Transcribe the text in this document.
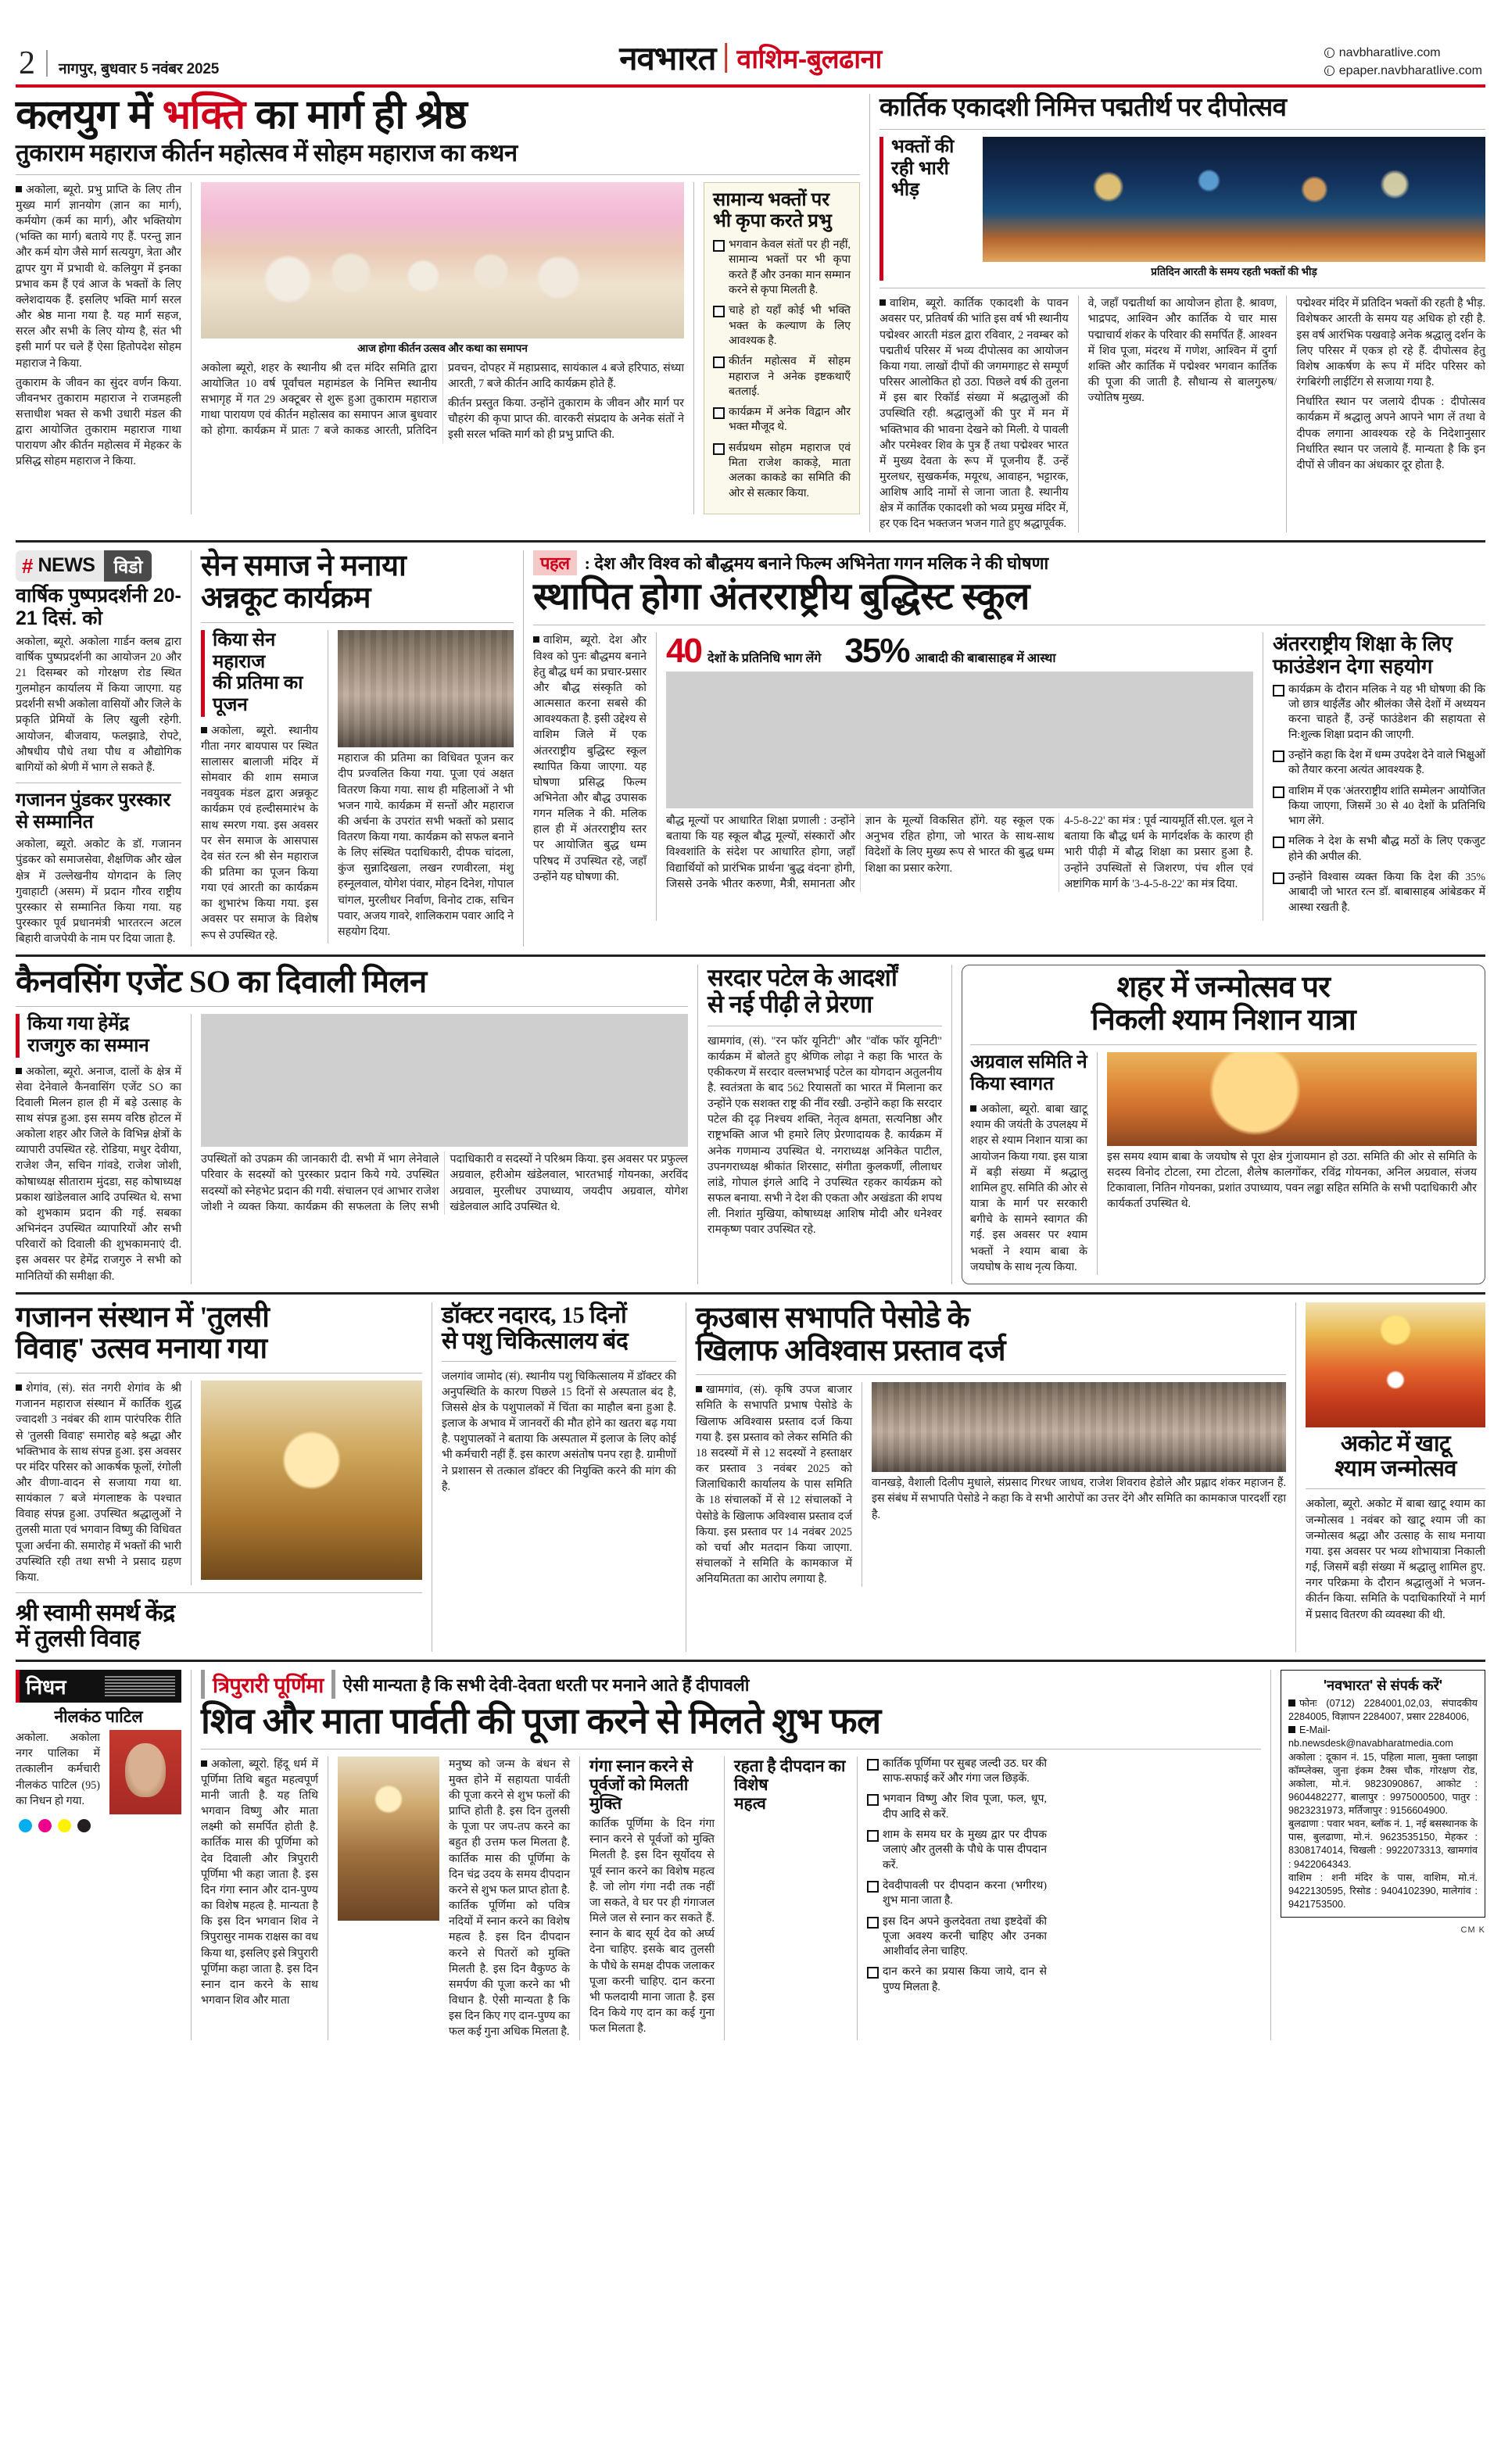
2 नागपुर, बुधवार 5 नवंबर 2025	नवभारत वाशिम-बुलढाना	navbharatlive.com
epaper.navbharatlive.com
कलयुग में भक्ति का मार्ग ही श्रेष्ठ
तुकाराम महाराज कीर्तन महोत्सव में सोहम महाराज का कथन

अकोला, ब्यूरो. प्रभु प्राप्ति के लिए तीन मुख्य मार्ग ज्ञानयोग (ज्ञान का मार्ग), कर्मयोग (कर्म का मार्ग), और भक्तियोग (भक्ति का मार्ग) बताये गए हैं. परन्तु ज्ञान और कर्म योग जैसे मार्ग सत्ययुग, त्रेता और द्वापर युग में प्रभावी थे. कलियुग में इनका प्रभाव कम हैं एवं आज के भक्तों के लिए क्लेशदायक हैं. इसलिए भक्ति मार्ग सरल और श्रेष्ठ माना गया है. यह मार्ग सहज, सरल और सभी के लिए योग्य है, संत भी इसी मार्ग पर चले हैं ऐसा हितोपदेश सोहम महाराज ने किया.

तुकाराम के जीवन का सुंदर वर्णन किया. जीवनभर तुकाराम महाराज ने राजमहली सत्ताधीश भक्त से कभी उधारी मंडल की द्वारा आयोजित तुकाराम महाराज गाथा पारायण और कीर्तन महोत्सव में मेहकर के प्रसिद्ध सोहम महाराज ने किया.

आज होगा कीर्तन उत्सव और कथा का समापन

अकोला ब्यूरो, शहर के स्थानीय श्री दत्त मंदिर समिति द्वारा आयोजित 10 वर्ष पूर्वांचल महामंडल के निमित्त स्थानीय सभागृह में गत 29 अक्टूबर से शुरू हुआ तुकाराम महाराज गाथा पारायण एवं कीर्तन महोत्सव का समापन आज बुधवार को होगा. कार्यक्रम में प्रातः 7 बजे काकड आरती, प्रतिदिन प्रवचन, दोपहर में महाप्रसाद, सायंकाल 4 बजे हरिपाठ, संध्या आरती, 7 बजे कीर्तन आदि कार्यक्रम होते हैं.

कीर्तन प्रस्तुत किया. उन्होंने तुकाराम के जीवन और मार्ग पर चौहरंग की कृपा प्राप्त की. वारकरी संप्रदाय के अनेक संतों ने इसी सरल भक्ति मार्ग को ही प्रभु प्राप्ति की.

सामान्य भक्तों पर भी कृपा करते प्रभु
भगवान केवल संतों पर ही नहीं, सामान्य भक्तों पर भी कृपा करते हैं और उनका मान सम्मान करने से कृपा मिलती है.
चाहे हो यहाँ कोई भी भक्ति भक्त के कल्याण के लिए आवश्यक है.
कीर्तन महोत्सव में सोहम महाराज ने अनेक इष्टकथाएँ बतलाई.
कार्यक्रम में अनेक विद्वान और भक्त मौजूद थे.
सर्वप्रथम सोहम महाराज एवं मिता राजेश काकड़े, माता अलका काकडे का समिति की ओर से सत्कार किया.
कार्तिक एकादशी निमित्त पद्मतीर्थ पर दीपोत्सव
भक्तों की रही भारी भीड़
प्रतिदिन आरती के समय रहती भक्तों की भीड़

वाशिम, ब्यूरो. कार्तिक एकादशी के पावन अवसर पर, प्रतिवर्ष की भांति इस वर्ष भी स्थानीय पद्मेश्वर आरती मंडल द्वारा रविवार, 2 नवम्बर को पद्मतीर्थ परिसर में भव्य दीपोत्सव का आयोजन किया गया. लाखों दीपों की जगमगाहट से सम्पूर्ण परिसर आलोकित हो उठा. पिछले वर्ष की तुलना में इस बार रिकॉर्ड संख्या में श्रद्धालुओं की उपस्थिति रही. श्रद्धालुओं की पुर में मन में भक्तिभाव की भावना देखने को मिली. ये पावली और परमेश्वर शिव के पुत्र हैं तथा पद्मेश्वर भारत में मुख्य देवता के रूप में पूजनीय हैं. उन्हें मुरलधर, सुखकर्मक, मयूरध, आवाहन, भट्टारक, आशिष आदि नामों से जाना जाता है. स्थानीय क्षेत्र में कार्तिक एकादशी को भव्य प्रमुख मंदिर में, हर एक दिन भक्तजन भजन गाते हुए श्रद्धापूर्वक.

वे, जहाँ पद्मतीर्था का आयोजन होता है. श्रावण, भाद्रपद, आश्विन और कार्तिक ये चार मास पद्माचार्य शंकर के परिवार की समर्पित हैं. आश्वन में शिव पूजा, मंदरथ में गणेश, आश्विन में दुर्गा शक्ति और कार्तिक में पद्मेश्वर भगवान कार्तिक की पूजा की जाती है. सौधान्य से बालगुरुष/ज्योतिष मुख्य.

पद्मेश्वर मंदिर में प्रतिदिन भक्तों की रहती है भीड़. विशेषकर आरती के समय यह अधिक हो रही है. इस वर्ष आरंभिक पखवाड़े अनेक श्रद्धालु दर्शन के लिए परिसर में एकत्र हो रहे हैं. दीपोत्सव हेतु विशेष आकर्षण के रूप में मंदिर परिसर को रंगबिरंगी लाईटिंग से सजाया गया है.

निर्धारित स्थान पर जलाये दीपक : दीपोत्सव कार्यक्रम में श्रद्धालु अपने आपने भाग लें तथा वे दीपक लगाना आवश्यक रहे के निदेशानुसार निर्धारित स्थान पर जलाये हैं. मान्यता है कि इन दीपों से जीवन का अंधकार दूर होता है.

# NEWS	विडो
वार्षिक पुष्पप्रदर्शनी 20-21 दिसं. को

अकोला, ब्यूरो. अकोला गार्डन क्लब द्वारा वार्षिक पुष्पप्रदर्शनी का आयोजन 20 और 21 दिसम्बर को गोरक्षण रोड स्थित गुलमोहन कार्यालय में किया जाएगा. यह प्रदर्शनी सभी अकोला वासियों और जिले के प्रकृति प्रेमियों के लिए खुली रहेगी. आयोजन, बीजवाय, फलझाडे, रोपटे, औषधीय पौधे तथा पौध व औद्योगिक बागियों को श्रेणी में भाग ले सकते हैं.

गजानन पुंडकर पुरस्कार से सम्मानित

अकोला, ब्यूरो. अकोट के डॉ. गजानन पुंडकर को समाजसेवा, शैक्षणिक और खेल क्षेत्र में उल्लेखनीय योगदान के लिए गुवाहाटी (असम) में प्रदान गौरव राष्ट्रीय पुरस्कार से सम्मानित किया गया. यह पुरस्कार पूर्व प्रधानमंत्री भारतरत्न अटल बिहारी वाजपेयी के नाम पर दिया जाता है.

सेन समाज ने मनाया
अन्नकूट कार्यक्रम
किया सेन महाराज
की प्रतिमा का पूजन

अकोला, ब्यूरो. स्थानीय गीता नगर बायपास पर स्थित सालासर बालाजी मंदिर में सोमवार की शाम समाज नवयुवक मंडल द्वारा अन्नकूट कार्यक्रम एवं हल्दीसमारंभ के साथ स्मरण गया. इस अवसर पर सेन समाज के आसपास देव संत रत्न श्री सेन महाराज की प्रतिमा का पूजन किया गया एवं आरती का कार्यक्रम का शुभारंभ किया गया. इस अवसर पर समाज के विशेष रूप से उपस्थित रहे.

महाराज की प्रतिमा का विधिवत पूजन कर दीप प्रज्वलित किया गया. पूजा एवं अक्षत वितरण किया गया. साथ ही महिलाओं ने भी भजन गाये. कार्यक्रम में सन्तों और महाराज की अर्चना के उपरांत सभी भक्तों को प्रसाद वितरण किया गया. कार्यक्रम को सफल बनाने के लिए संस्थित पदाधिकारी, दीपक चांदला, कुंज सुन्नादिखला, लखन रणवीरला, मंशु हस्नूलवाल, योगेश पंवार, मोहन दिनेश, गोपाल चांगल, मुरलीधर निर्वाण, विनोद टाक, सचिन पवार, अजय गावरे, शालिकराम पवार आदि ने सहयोग दिया.

पहल : देश और विश्व को बौद्धमय बनाने फिल्म अभिनेता गगन मलिक ने की घोषणा
स्थापित होगा अंतरराष्ट्रीय बुद्धिस्ट स्कूल

वाशिम, ब्यूरो. देश और विश्व को पुनः बौद्धमय बनाने हेतु बौद्ध धर्म का प्रचार-प्रसार और बौद्ध संस्कृति को आत्मसात करना सबसे की आवश्यकता है. इसी उद्देश्य से वाशिम जिले में एक अंतरराष्ट्रीय बुद्धिस्ट स्कूल स्थापित किया जाएगा. यह घोषणा प्रसिद्ध फिल्म अभिनेता और बौद्ध उपासक गगन मलिक ने की. मलिक हाल ही में अंतरराष्ट्रीय स्तर पर आयोजित बुद्ध धम्म परिषद में उपस्थित रहे, जहाँ उन्होंने यह घोषणा की.

40 देशों के प्रतिनिधि भाग लेंगे 35% आबादी की बाबासाहब में आस्था

बौद्ध मूल्यों पर आधारित शिक्षा प्रणाली : उन्होंने बताया कि यह स्कूल बौद्ध मूल्यों, संस्कारों और विश्वशांति के संदेश पर आधारित होगा, जहाँ विद्यार्थियों को प्रारंभिक प्रार्थना 'बुद्ध वंदना' होगी, जिससे उनके भीतर करुणा, मैत्री, समानता और ज्ञान के मूल्यों विकसित होंगे. यह स्कूल एक अनुभव रहित होगा, जो भारत के साथ-साथ विदेशों के लिए मुख्य रूप से भारत की बुद्ध धम्म शिक्षा का प्रसार करेगा.

4-5-8-22' का मंत्र : पूर्व न्यायमूर्ति सी.एल. थूल ने बताया कि बौद्ध धर्म के मार्गदर्शक के कारण ही भारी पीढ़ी में बौद्ध शिक्षा का प्रसार हुआ है. उन्होंने उपस्थितों से जिशरण, पंच शील एवं अष्टांगिक मार्ग के '3-4-5-8-22' का मंत्र दिया.

अंतरराष्ट्रीय शिक्षा के लिए
फाउंडेशन देगा सहयोग
कार्यक्रम के दौरान मलिक ने यह भी घोषणा की कि जो छात्र थाईलैंड और श्रीलंका जैसे देशों में अध्ययन करना चाहते हैं, उन्हें फाउंडेशन की सहायता से नि:शुल्क शिक्षा प्रदान की जाएगी.
उन्होंने कहा कि देश में धम्म उपदेश देने वाले भिक्षुओं को तैयार करना अत्यंत आवश्यक है.
वाशिम में एक 'अंतरराष्ट्रीय शांति सम्मेलन' आयोजित किया जाएगा, जिसमें 30 से 40 देशों के प्रतिनिधि भाग लेंगे.
मलिक ने देश के सभी बौद्ध मठों के लिए एकजुट होने की अपील की.
उन्होंने विश्वास व्यक्त किया कि देश की 35% आबादी जो भारत रत्न डॉ. बाबासाहब आंबेडकर में आस्था रखती है.
कैनवसिंग एजेंट SO का दिवाली मिलन
किया गया हेमेंद्र
राजगुरु का सम्मान

अकोला, ब्यूरो. अनाज, दालों के क्षेत्र में सेवा देनेवाले कैनवासिंग एजेंट SO का दिवाली मिलन हाल ही में बड़े उत्साह के साथ संपन्न हुआ. इस समय वरिष्ठ होटल में अकोला शहर और जिले के विभिन्न क्षेत्रों के व्यापारी उपस्थित रहे. रोडिया, मधुर देवीया, राजेश जैन, सचिन गांवडे, राजेश जोशी, कोषाध्यक्ष सीताराम मुंदडा, सह कोषाध्यक्ष प्रकाश खांडेलवाल आदि उपस्थित थे. सभा को शुभकाम प्रदान की गई. सबका अभिनंदन उपस्थित व्यापारियों और सभी परिवारों को दिवाली की शुभकामनाएं दी. इस अवसर पर हेमेंद्र राजगुरु ने सभी को मानितियों की समीक्षा की.

उपस्थितों को उपक्रम की जानकारी दी. सभी में भाग लेनेवाले परिवार के सदस्यों को पुरस्कार प्रदान किये गये. उपस्थित सदस्यों को स्नेहभेट प्रदान की गयी. संचालन एवं आभार राजेश जोशी ने व्यक्त किया. कार्यक्रम की सफलता के लिए सभी पदाधिकारी व सदस्यों ने परिश्रम किया. इस अवसर पर प्रफुल्ल अग्रवाल, हरीओम खंडेलवाल, भारतभाई गोयनका, अरविंद अग्रवाल, मुरलीधर उपाध्याय, जयदीप अग्रवाल, योगेश खंडेलवाल आदि उपस्थित थे.

सरदार पटेल के आदर्शों
से नई पीढ़ी ले प्रेरणा

खामगांव, (सं). "रन फॉर यूनिटी" और "वॉक फॉर यूनिटी" कार्यक्रम में बोलते हुए श्रेणिक लोढ़ा ने कहा कि भारत के एकीकरण में सरदार वल्लभभाई पटेल का योगदान अतुलनीय है. स्वतंत्रता के बाद 562 रियासतों का भारत में मिलाना कर उन्होंने एक सशक्त राष्ट्र की नींव रखी. उन्होंने कहा कि सरदार पटेल की दृढ़ निश्चय शक्ति, नेतृत्व क्षमता, सत्यनिष्ठा और राष्ट्रभक्ति आज भी हमारे लिए प्रेरणादायक है. कार्यक्रम में अनेक गणमान्य उपस्थित थे. नगराध्यक्ष अनिकेत पाटील, उपनगराध्यक्ष श्रीकांत शिरसाट, संगीता कुलकर्णी, लीलाधर लांडे, गोपाल इंगले आदि ने उपस्थित रहकर कार्यक्रम को सफल बनाया. सभी ने देश की एकता और अखंडता की शपथ ली. निशांत मुखिया, कोषाध्यक्ष आशिष मोदी और धनेश्वर रामकृष्ण पवार उपस्थित रहे.

शहर में जन्मोत्सव पर
निकली श्याम निशान यात्रा
अग्रवाल समिति ने
किया स्वागत

अकोला, ब्यूरो. बाबा खाटू श्याम की जयंती के उपलक्ष्य में शहर से श्याम निशान यात्रा का आयोजन किया गया. इस यात्रा में बड़ी संख्या में श्रद्धालु शामिल हुए. समिति की ओर से यात्रा के मार्ग पर सरकारी बगीचे के सामने स्वागत की गई. इस अवसर पर श्याम भक्तों ने श्याम बाबा के जयघोष के साथ नृत्य किया.

इस समय श्याम बाबा के जयघोष से पूरा क्षेत्र गुंजायमान हो उठा. समिति की ओर से समिति के सदस्य विनोद टोटला, रमा टोटला, शैलेष कालगोंकर, रविंद्र गोयनका, अनिल अग्रवाल, संजय टिकावाला, नितिन गोयनका, प्रशांत उपाध्याय, पवन लढ्ढा सहित समिति के सभी पदाधिकारी और कार्यकर्ता उपस्थित थे.

गजानन संस्थान में 'तुलसी
विवाह' उत्सव मनाया गया

शेगांव, (सं). संत नगरी शेगांव के श्री गजानन महाराज संस्थान में कार्तिक शुद्ध ज्वादशी 3 नवंबर की शाम पारंपरिक रीति से 'तुलसी विवाह' समारोह बड़े श्रद्धा और भक्तिभाव के साथ संपन्न हुआ. इस अवसर पर मंदिर परिसर को आकर्षक फूलों, रंगोली और वीणा-वादन से सजाया गया था. सायंकाल 7 बजे मंगलाष्टक के पश्चात विवाह संपन्न हुआ. उपस्थित श्रद्धालुओं ने तुलसी माता एवं भगवान विष्णु की विधिवत पूजा अर्चना की. समारोह में भक्तों की भारी उपस्थिति रही तथा सभी ने प्रसाद ग्रहण किया.

श्री स्वामी समर्थ केंद्र
में तुलसी विवाह
डॉक्टर नदारद, 15 दिनों
से पशु चिकित्सालय बंद

जलगांव जामोद (सं). स्थानीय पशु चिकित्सालय में डॉक्टर की अनुपस्थिति के कारण पिछले 15 दिनों से अस्पताल बंद है, जिससे क्षेत्र के पशुपालकों में चिंता का माहौल बना हुआ है. इलाज के अभाव में जानवरों की मौत होने का खतरा बढ़ गया है. पशुपालकों ने बताया कि अस्पताल में इलाज के लिए कोई भी कर्मचारी नहीं हैं. इस कारण असंतोष पनप रहा है. ग्रामीणों ने प्रशासन से तत्काल डॉक्टर की नियुक्ति करने की मांग की है.

कृउबास सभापति पेसोडे के
खिलाफ अविश्वास प्रस्ताव दर्ज

खामगांव, (सं). कृषि उपज बाजार समिति के सभापति प्रभाष पेसोडे के खिलाफ अविश्वास प्रस्ताव दर्ज किया गया है. इस प्रस्ताव को लेकर समिति की 18 सदस्यों में से 12 सदस्यों ने हस्ताक्षर कर प्रस्ताव 3 नवंबर 2025 को जिलाधिकारी कार्यालय के पास समिति के 18 संचालकों में से 12 संचालकों ने पेसोडे के खिलाफ अविश्वास प्रस्ताव दर्ज किया. इस प्रस्ताव पर 14 नवंबर 2025 को चर्चा और मतदान किया जाएगा. संचालकों ने समिति के कामकाज में अनियमितता का आरोप लगाया है.

वानखड़े, वैशाली दिलीप मुधाले, संप्रसाद गिरधर जाधव, राजेश शिवराव हेडोले और प्रह्लाद शंकर महाजन हैं. इस संबंध में सभापति पेसोडे ने कहा कि वे सभी आरोपों का उत्तर देंगे और समिति का कामकाज पारदर्शी रहा है.

अकोट में खाटू
श्याम जन्मोत्सव

अकोला, ब्यूरो. अकोट में बाबा खाटू श्याम का जन्मोत्सव 1 नवंबर को खाटू श्याम जी का जन्मोत्सव श्रद्धा और उत्साह के साथ मनाया गया. इस अवसर पर भव्य शोभायात्रा निकाली गई, जिसमें बड़ी संख्या में श्रद्धालु शामिल हुए. नगर परिक्रमा के दौरान श्रद्धालुओं ने भजन-कीर्तन किया. समिति के पदाधिकारियों ने मार्ग में प्रसाद वितरण की व्यवस्था की थी.

निधन
नीलकंठ पाटिल

अकोला. अकोला नगर पालिका में तत्कालीन कर्मचारी नीलकंठ पाटिल (95) का निधन हो गया.

त्रिपुरारी पूर्णिमा	ऐसी मान्यता है कि सभी देवी-देवता धरती पर मनाने आते हैं दीपावली
शिव और माता पार्वती की पूजा करने से मिलते शुभ फल

अकोला, ब्यूरो. हिंदू धर्म में पूर्णिमा तिथि बहुत महत्वपूर्ण मानी जाती है. यह तिथि भगवान विष्णु और माता लक्ष्मी को समर्पित होती है. कार्तिक मास की पूर्णिमा को देव दिवाली और त्रिपुरारी पूर्णिमा भी कहा जाता है. इस दिन गंगा स्नान और दान-पुण्य का विशेष महत्व है. मान्यता है कि इस दिन भगवान शिव ने त्रिपुरासुर नामक राक्षस का वध किया था, इसलिए इसे त्रिपुरारी पूर्णिमा कहा जाता है. इस दिन स्नान दान करने के साथ भगवान शिव और माता

मनुष्य को जन्म के बंधन से मुक्त होने में सहायता पार्वती की पूजा करने से शुभ फलों की प्राप्ति होती है. इस दिन तुलसी के पूजा पर जप-तप करने का बहुत ही उत्तम फल मिलता है. कार्तिक मास की पूर्णिमा के दिन चंद्र उदय के समय दीपदान करने से शुभ फल प्राप्त होता है. कार्तिक पूर्णिमा को पवित्र नदियों में स्नान करने का विशेष महत्व है. इस दिन दीपदान करने से पितरों को मुक्ति मिलती है. इस दिन वैकुण्ठ के समर्पण की पूजा करने का भी विधान है. ऐसी मान्यता है कि इस दिन किए गए दान-पुण्य का फल कई गुना अधिक मिलता है.

गंगा स्नान करने से
पूर्वजों को मिलती मुक्ति

कार्तिक पूर्णिमा के दिन गंगा स्नान करने से पूर्वजों को मुक्ति मिलती है. इस दिन सूर्योदय से पूर्व स्नान करने का विशेष महत्व है. जो लोग गंगा नदी तक नहीं जा सकते, वे घर पर ही गंगाजल मिले जल से स्नान कर सकते हैं. स्नान के बाद सूर्य देव को अर्घ्य देना चाहिए. इसके बाद तुलसी के पौधे के समक्ष दीपक जलाकर पूजा करनी चाहिए. दान करना भी फलदायी माना जाता है. इस दिन किये गए दान का कई गुना फल मिलता है.

रहता है दीपदान का विशेष
महत्व
कार्तिक पूर्णिमा पर सुबह जल्दी उठ. घर की साफ-सफाई करें और गंगा जल छिड़कें.
भगवान विष्णु और शिव पूजा, फल, धूप, दीप आदि से करें.
शाम के समय घर के मुख्य द्वार पर दीपक जलाएं और तुलसी के पौधे के पास दीपदान करें.
देवदीपावली पर दीपदान करना (भगीरथ) शुभ माना जाता है.
इस दिन अपने कुलदेवता तथा इष्टदेवों की पूजा अवश्य करनी चाहिए और उनका आशीर्वाद लेना चाहिए.
दान करने का प्रयास किया जाये, दान से पुण्य मिलता है.
'नवभारत' से संपर्क करें'

फोनः (0712) 2284001,02,03, संपादकीय 2284005, विज्ञापन 2284007, प्रसार 2284006,

E-Mail-nb.newsdesk@navabharatmedia.com

अकोला : दूकान नं. 15, पहिला माला, मुक्ता प्लाझा कॉम्प्लेक्स, जुना इंकम टैक्स चौक, गोरक्षण रोड, अकोला, मो.नं. 9823090867, आकोट : 9604482277, बालापुर : 9975000500, पातुर : 9823231973, मर्तिजापुर : 9156604900.

बुलढाणा : पवार भवन, ब्लॉक नं. 1, नई बसस्थानक के पास, बुलढाणा, मो.नं. 9623535150, मेहकर : 8308174014, चिखली : 9922073313, खामगांव : 9422064343.

वाशिम : शनी मंदिर के पास, वाशिम, मो.नं. 9422130595, रिसोड : 9404102390, मालेगांव : 9421753500.

CM K
